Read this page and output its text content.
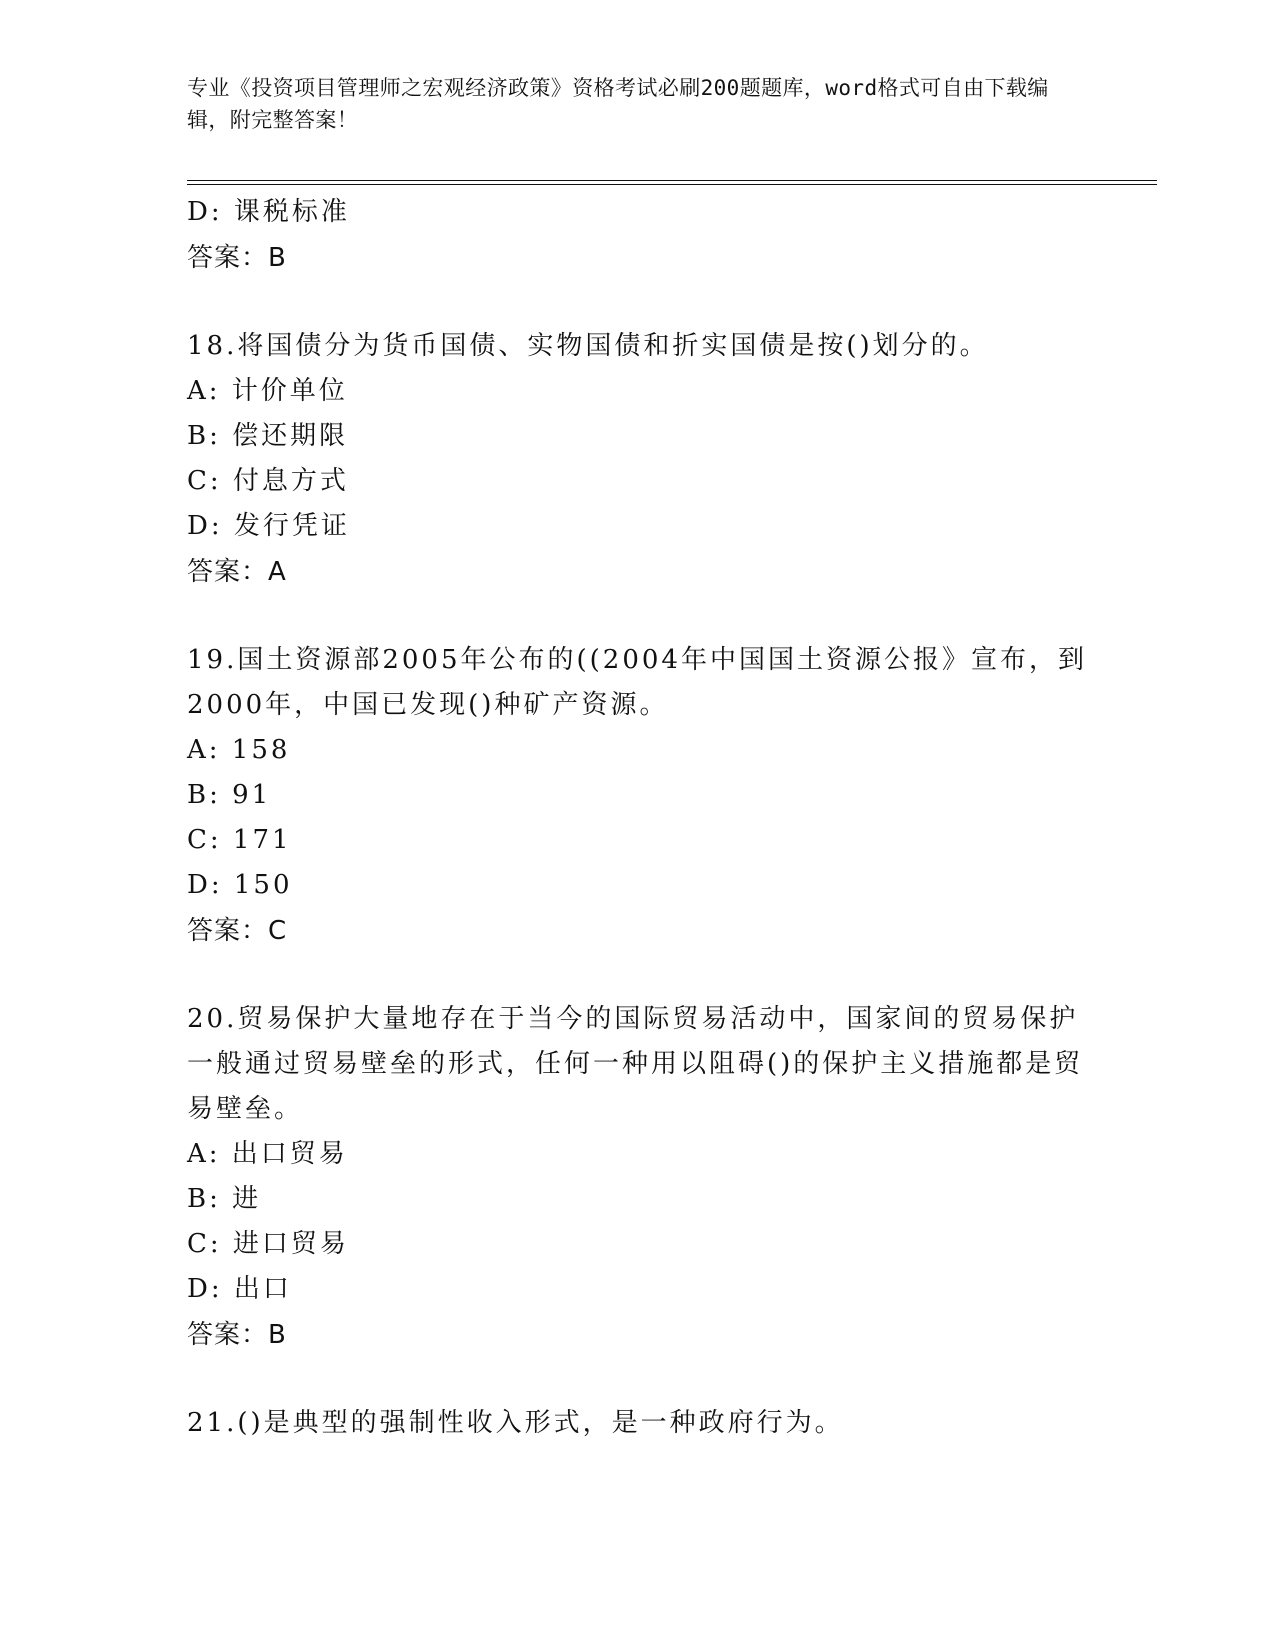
专业《投资项目管理师之宏观经济政策》资格考试必刷200题题库，word格式可自由下载编辑，附完整答案！
D: 课税标准
答案：B
18.将国债分为货币国债、实物国债和折实国债是按()划分的。
A: 计价单位
B: 偿还期限
C: 付息方式
D: 发行凭证
答案：A
19.国土资源部2005年公布的((2004年中国国土资源公报》宣布，到2000年，中国已发现()种矿产资源。
A: 158
B: 91
C: 171
D: 150
答案：C
20.贸易保护大量地存在于当今的国际贸易活动中，国家间的贸易保护一般通过贸易壁垒的形式，任何一种用以阻碍()的保护主义措施都是贸易壁垒。
A: 出口贸易
B: 进
C: 进口贸易
D: 出口
答案：B
21.()是典型的强制性收入形式，是一种政府行为。
